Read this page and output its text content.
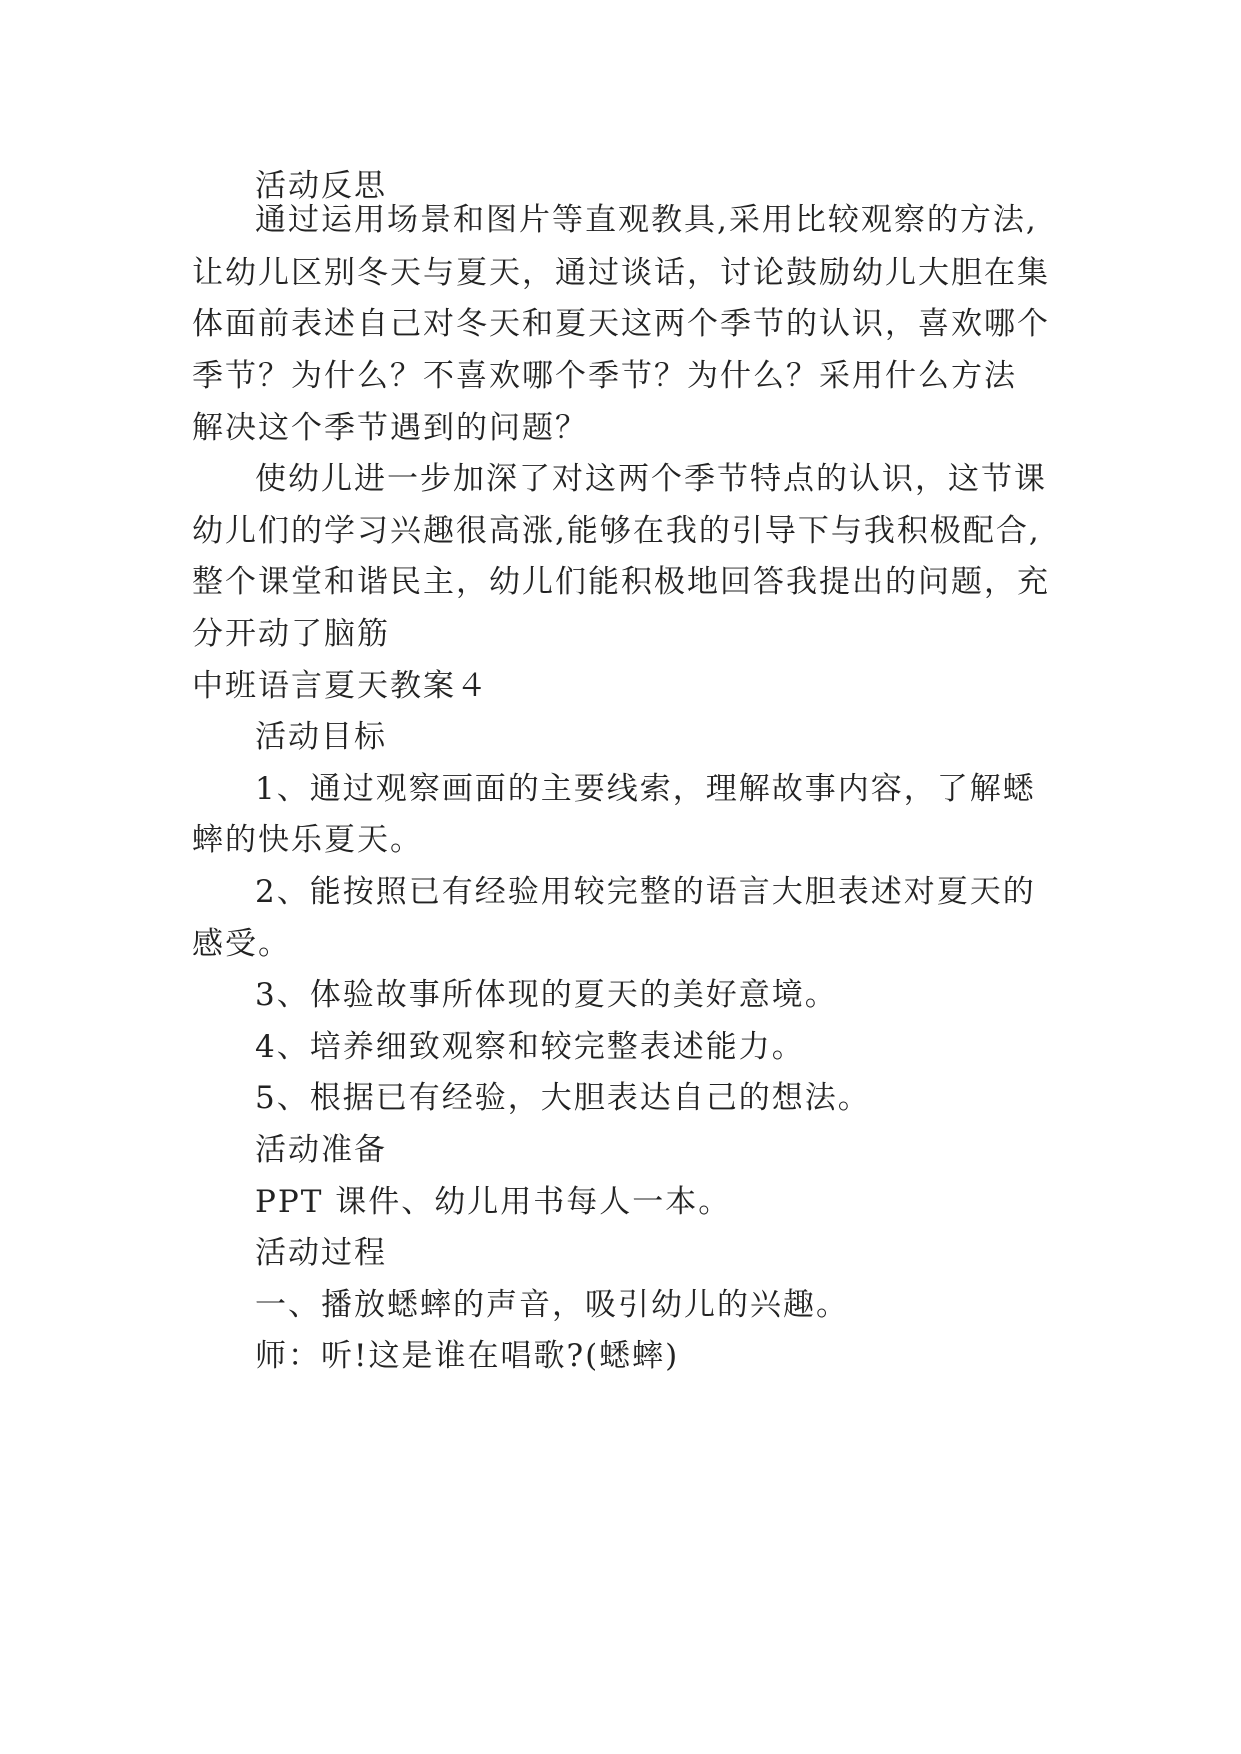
活动反思
通过运用场景和图片等直观教具,采用比较观察的方法,
让幼儿区别冬天与夏天，通过谈话，讨论鼓励幼儿大胆在集
体面前表述自己对冬天和夏天这两个季节的认识，喜欢哪个
季节？为什么？不喜欢哪个季节？为什么？采用什么方法
解决这个季节遇到的问题？
使幼儿进一步加深了对这两个季节特点的认识，这节课
幼儿们的学习兴趣很高涨,能够在我的引导下与我积极配合,
整个课堂和谐民主，幼儿们能积极地回答我提出的问题，充
分开动了脑筋
中班语言夏天教案４
活动目标
1、通过观察画面的主要线索，理解故事内容，了解蟋
蟀的快乐夏天。
2、能按照已有经验用较完整的语言大胆表述对夏天的
感受。
3、体验故事所体现的夏天的美好意境。
4、培养细致观察和较完整表述能力。
5、根据已有经验，大胆表达自己的想法。
活动准备
PPT 课件、幼儿用书每人一本。
活动过程
一、播放蟋蟀的声音，吸引幼儿的兴趣。
师：听!这是谁在唱歌?(蟋蟀)
